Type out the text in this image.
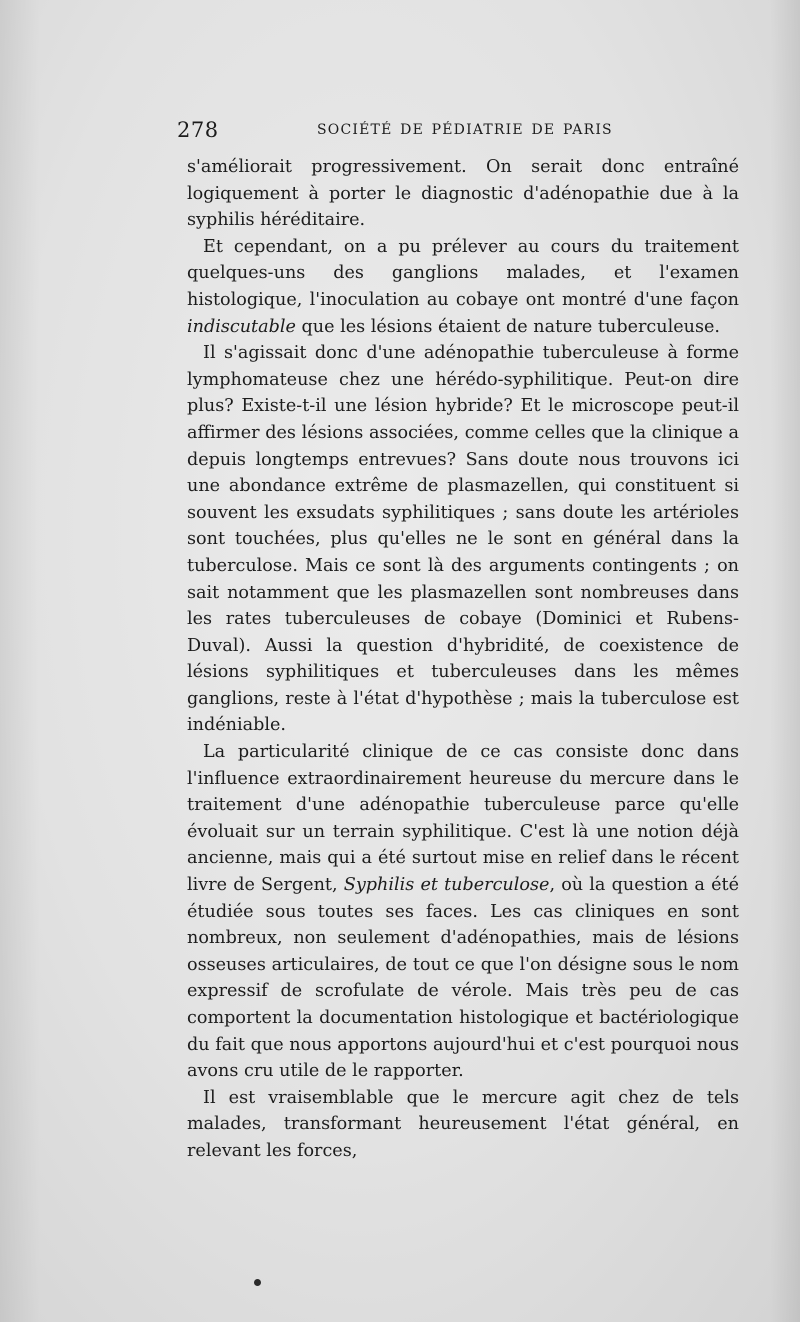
278	SOCIÉTÉ DE PÉDIATRIE DE PARIS

s'améliorait progressivement. On serait donc entraîné logiquement à porter le diagnostic d'adénopathie due à la syphilis héréditaire.

Et cependant, on a pu prélever au cours du traitement quelques-uns des ganglions malades, et l'examen histologique, l'inoculation au cobaye ont montré d'une façon indiscutable que les lésions étaient de nature tuberculeuse.

Il s'agissait donc d'une adénopathie tuberculeuse à forme lymphomateuse chez une hérédo-syphilitique. Peut-on dire plus? Existe-t-il une lésion hybride? Et le microscope peut-il affirmer des lésions associées, comme celles que la clinique a depuis longtemps entrevues? Sans doute nous trouvons ici une abondance extrême de plasmazellen, qui constituent si souvent les exsudats syphilitiques ; sans doute les artérioles sont touchées, plus qu'elles ne le sont en général dans la tuberculose. Mais ce sont là des arguments contingents ; on sait notamment que les plasmazellen sont nombreuses dans les rates tuberculeuses de cobaye (Dominici et Rubens-Duval). Aussi la question d'hybridité, de coexistence de lésions syphilitiques et tuberculeuses dans les mêmes ganglions, reste à l'état d'hypothèse ; mais la tuberculose est indéniable.

La particularité clinique de ce cas consiste donc dans l'influence extraordinairement heureuse du mercure dans le traitement d'une adénopathie tuberculeuse parce qu'elle évoluait sur un terrain syphilitique. C'est là une notion déjà ancienne, mais qui a été surtout mise en relief dans le récent livre de Sergent, Syphilis et tuberculose, où la question a été étudiée sous toutes ses faces. Les cas cliniques en sont nombreux, non seulement d'adénopathies, mais de lésions osseuses articulaires, de tout ce que l'on désigne sous le nom expressif de scrofulate de vérole. Mais très peu de cas comportent la documentation histologique et bactériologique du fait que nous apportons aujourd'hui et c'est pourquoi nous avons cru utile de le rapporter.

Il est vraisemblable que le mercure agit chez de tels malades, transformant heureusement l'état général, en relevant les forces,
